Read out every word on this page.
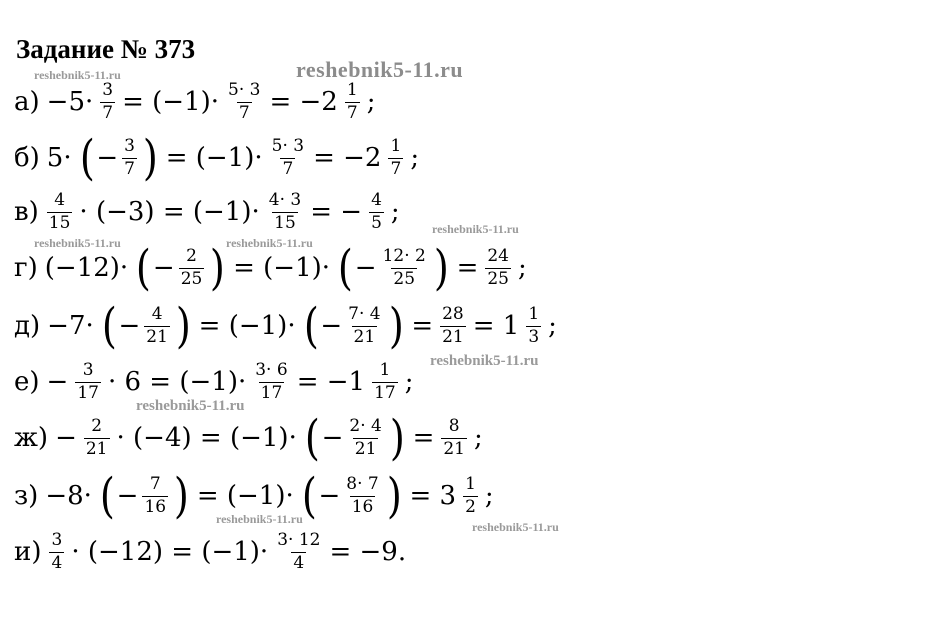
Задание № 373
reshebnik5-11.ru
reshebnik5-11.ru
reshebnik5-11.ru
reshebnik5-11.ru	reshebnik5-11.ru
reshebnik5-11.ru
reshebnik5-11.ru
reshebnik5-11.ru
reshebnik5-11.ru
$а) -5\cdot \frac{3}{7} = (-1)\cdot \frac{5\cdot 3}{7} = -2 \frac{1}{7}$ ;
б) 5· ( − $\frac{3}{7}$ ) = $(-1)\cdot \frac{5\cdot 3}{7} = -2 \frac{1}{7}$ ;
$в) \frac{4}{15} \cdot (-3) = (-1)\cdot \frac{4\cdot 3}{15}$ = − $\frac{4}{5}$ ;
г) (−12)· ( − $\frac{2}{25}$ ) = (−1)· ( − $\frac{12\cdot 2}{25}$ ) = $\frac{24}{25}$ ;
д) −7· ( − $\frac{4}{21}$ ) = (−1)· ( − $\frac{7\cdot 4}{21}$ ) = $\frac{28}{21} = 1 \frac{1}{3}$ ;
$е) - \frac{3}{17} \cdot 6 = (-1)\cdot \frac{3\cdot 6}{17} = -1 \frac{1}{17}$ ;
$ж) - \frac{2}{21} \cdot (-4) = (-1)\cdot$ ( − $\frac{2\cdot 4}{21}$ ) = $\frac{8}{21}$ ;
з) −8· ( − $\frac{7}{16}$ ) = (−1)· ( − $\frac{8\cdot 7}{16}$ ) = $3 \frac{1}{2}$ ;
$и) \frac{3}{4} \cdot (-12) = (-1)\cdot \frac{3\cdot 12}{4} = -9$.
